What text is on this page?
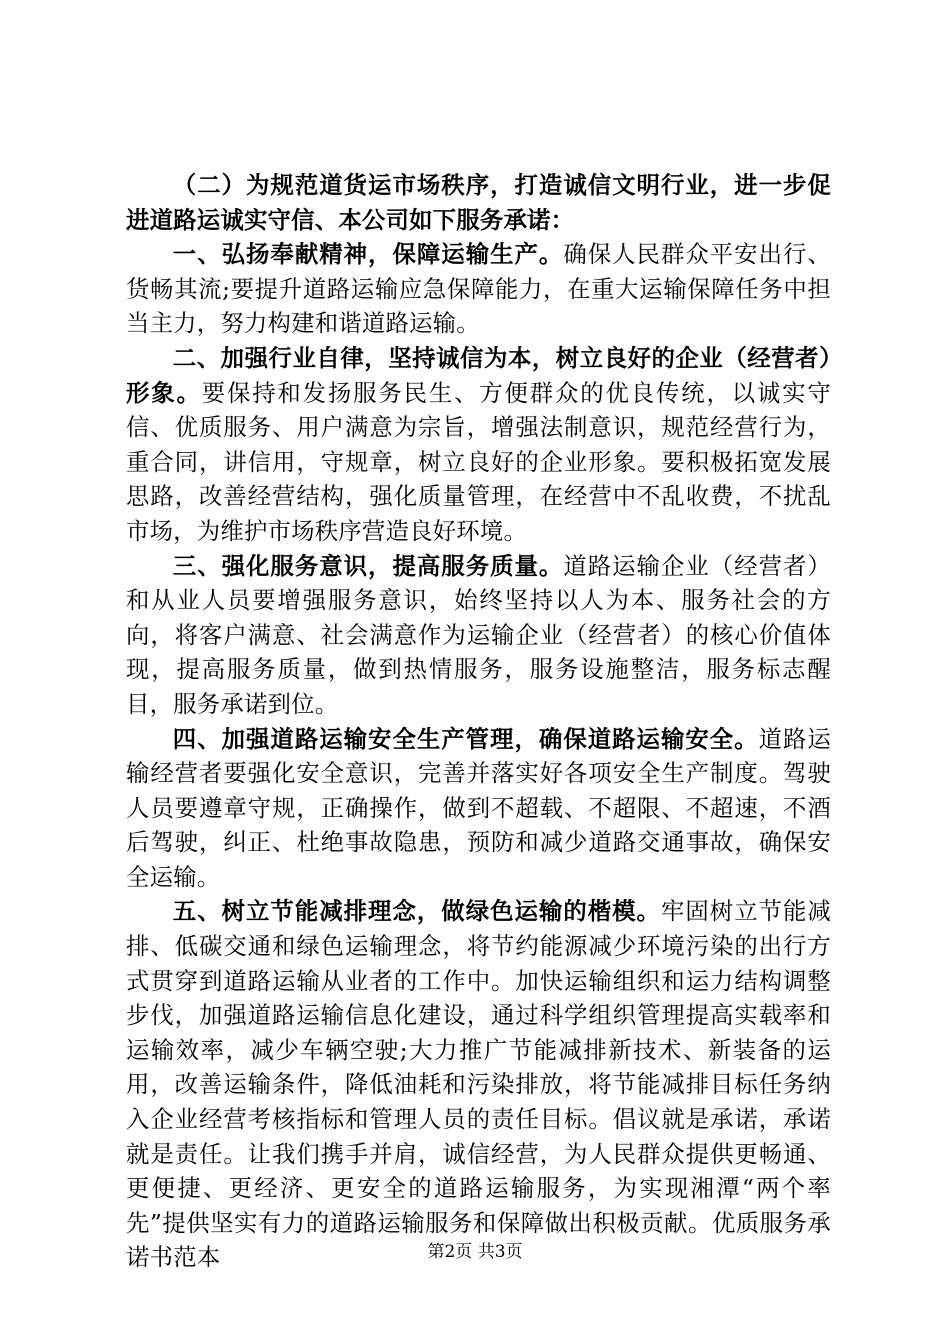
（二）为规范道货运市场秩序，打造诚信文明行业，进一步促进道路运诚实守信、本公司如下服务承诺：

一、弘扬奉献精神，保障运输生产。确保人民群众平安出行、货畅其流;要提升道路运输应急保障能力，在重大运输保障任务中担当主力，努力构建和谐道路运输。

二、加强行业自律，坚持诚信为本，树立良好的企业（经营者）形象。要保持和发扬服务民生、方便群众的优良传统，以诚实守信、优质服务、用户满意为宗旨，增强法制意识，规范经营行为，重合同，讲信用，守规章，树立良好的企业形象。要积极拓宽发展思路，改善经营结构，强化质量管理，在经营中不乱收费，不扰乱市场，为维护市场秩序营造良好环境。

三、强化服务意识，提高服务质量。道路运输企业（经营者）和从业人员要增强服务意识，始终坚持以人为本、服务社会的方向，将客户满意、社会满意作为运输企业（经营者）的核心价值体现，提高服务质量，做到热情服务，服务设施整洁，服务标志醒目，服务承诺到位。

四、加强道路运输安全生产管理，确保道路运输安全。道路运输经营者要强化安全意识，完善并落实好各项安全生产制度。驾驶人员要遵章守规，正确操作，做到不超载、不超限、不超速，不酒后驾驶，纠正、杜绝事故隐患，预防和减少道路交通事故，确保安全运输。

五、树立节能减排理念，做绿色运输的楷模。牢固树立节能减排、低碳交通和绿色运输理念，将节约能源减少环境污染的出行方式贯穿到道路运输从业者的工作中。加快运输组织和运力结构调整步伐，加强道路运输信息化建设，通过科学组织管理提高实载率和运输效率，减少车辆空驶;大力推广节能减排新技术、新装备的运用，改善运输条件，降低油耗和污染排放，将节能减排目标任务纳入企业经营考核指标和管理人员的责任目标。倡议就是承诺，承诺就是责任。让我们携手并肩，诚信经营，为人民群众提供更畅通、更便捷、更经济、更安全的道路运输服务，为实现湘潭“两个率先”提供坚实有力的道路运输服务和保障做出积极贡献。优质服务承诺书范本	第2页 共3页
